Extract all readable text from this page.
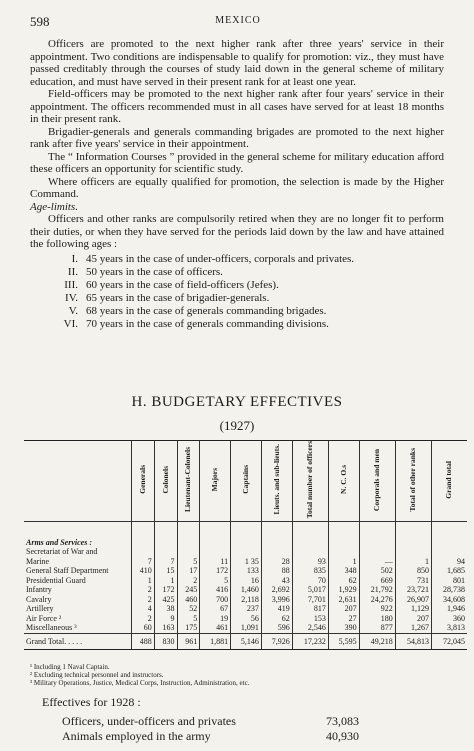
598	MEXICO

Officers are promoted to the next higher rank after three years' service in their appointment. Two conditions are indispensable to qualify for promotion: viz., they must have passed creditably through the courses of study laid down in the general scheme of military education, and must have served in their present rank for at least one year.

Field-officers may be promoted to the next higher rank after four years' service in their appointment. The officers recommended must in all cases have served for at least 18 months in their present rank.

Brigadier-generals and generals commanding brigades are promoted to the next higher rank after five years' service in their appointment.

The “ Information Courses ” provided in the general scheme for military education afford these officers an opportunity for scientific study.

Where officers are equally qualified for promotion, the selection is made by the Higher Command.

Age-limits.

Officers and other ranks are compulsorily retired when they are no longer fit to perform their duties, or when they have served for the periods laid down by the law and have attained the following ages :

I. 45 years in the case of under-officers, corporals and privates.
II. 50 years in the case of officers.
III. 60 years in the case of field-officers (Jefes).
IV. 65 years in the case of brigadier-generals.
V. 68 years in the case of generals commanding brigades.
VI. 70 years in the case of generals commanding divisions.
H. BUDGETARY EFFECTIVES
(1927)
	Generals	Colonels	Lieutenant-Colonels	Majors	Captains	Lieuts. and sub-lieuts.	Total number of officers	N. C. O.s	Corporals and men	Total of other ranks	Grand total
Arms and Services :											
Secretariat of War and											
Marine	7	7	5	11	1 35	28	93	1	—	1	94
General Staff Department	410	15	17	172	133	88	835	348	502	850	1,685
Presidential Guard	1	1	2	5	16	43	70	62	669	731	801
Infantry	2	172	245	416	1,460	2,692	5,017	1,929	21,792	23,721	28,738
Cavalry	2	425	460	700	2,118	3,996	7,701	2,631	24,276	26,907	34,608
Artillery	4	38	52	67	237	419	817	207	922	1,129	1,946
Air Force ²	2	9	5	19	56	62	153	27	180	207	360
Miscellaneous ³	60	163	175	461	1,091	596	2,546	390	877	1,267	3,813
Grand Total. . . . .	488	830	961	1,881	5,146	7,926	17,232	5,595	49,218	54,813	72,045
¹ Including 1 Naval Captain.
² Excluding technical personnel and instructors.
³ Military Operations, Justice, Medical Corps, Instruction, Administration, etc.
Effectives for 1928 :
Officers, under-officers and privates	73,083
Animals employed in the army	40,930
